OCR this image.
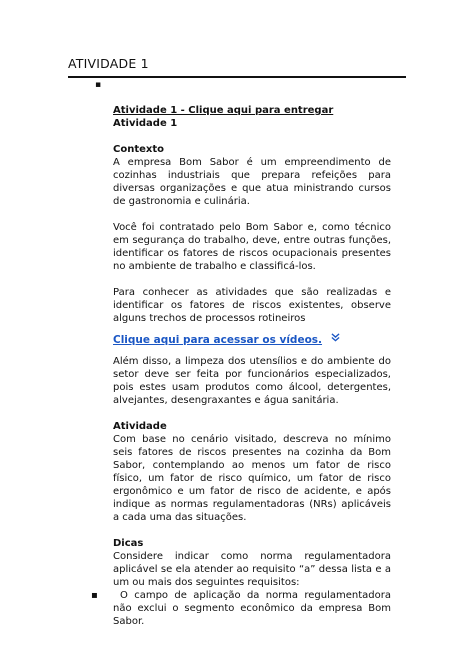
ATIVIDADE 1
▪

Atividade 1 - Clique aqui para entregar

Atividade 1

Contexto

A empresa Bom Sabor é um empreendimento de cozinhas industriais que prepara refeições para diversas organizações e que atua ministrando cursos de gastronomia e culinária.

Você foi contratado pelo Bom Sabor e, como técnico em segurança do trabalho, deve, entre outras funções, identificar os fatores de riscos ocupacionais presentes no ambiente de trabalho e classificá-los.

Para conhecer as atividades que são realizadas e identificar os fatores de riscos existentes, observe alguns trechos de processos rotineiros

Clique aqui para acessar os vídeos.

Além disso, a limpeza dos utensílios e do ambiente do setor deve ser feita por funcionários especializados, pois estes usam produtos como álcool, detergentes, alvejantes, desengraxantes e água sanitária.

Atividade

Com base no cenário visitado, descreva no mínimo seis fatores de riscos presentes na cozinha da Bom Sabor, contemplando ao menos um fator de risco físico, um fator de risco químico, um fator de risco ergonômico e um fator de risco de acidente, e após indique as normas regulamentadoras (NRs) aplicáveis a cada uma das situações.

Dicas

Considere indicar como norma regulamentadora aplicável se ela atender ao requisito “a” dessa lista e a um ou mais dos seguintes requisitos:

▪	O campo de aplicação da norma regulamentadora não exclui o segmento econômico da empresa Bom Sabor.
